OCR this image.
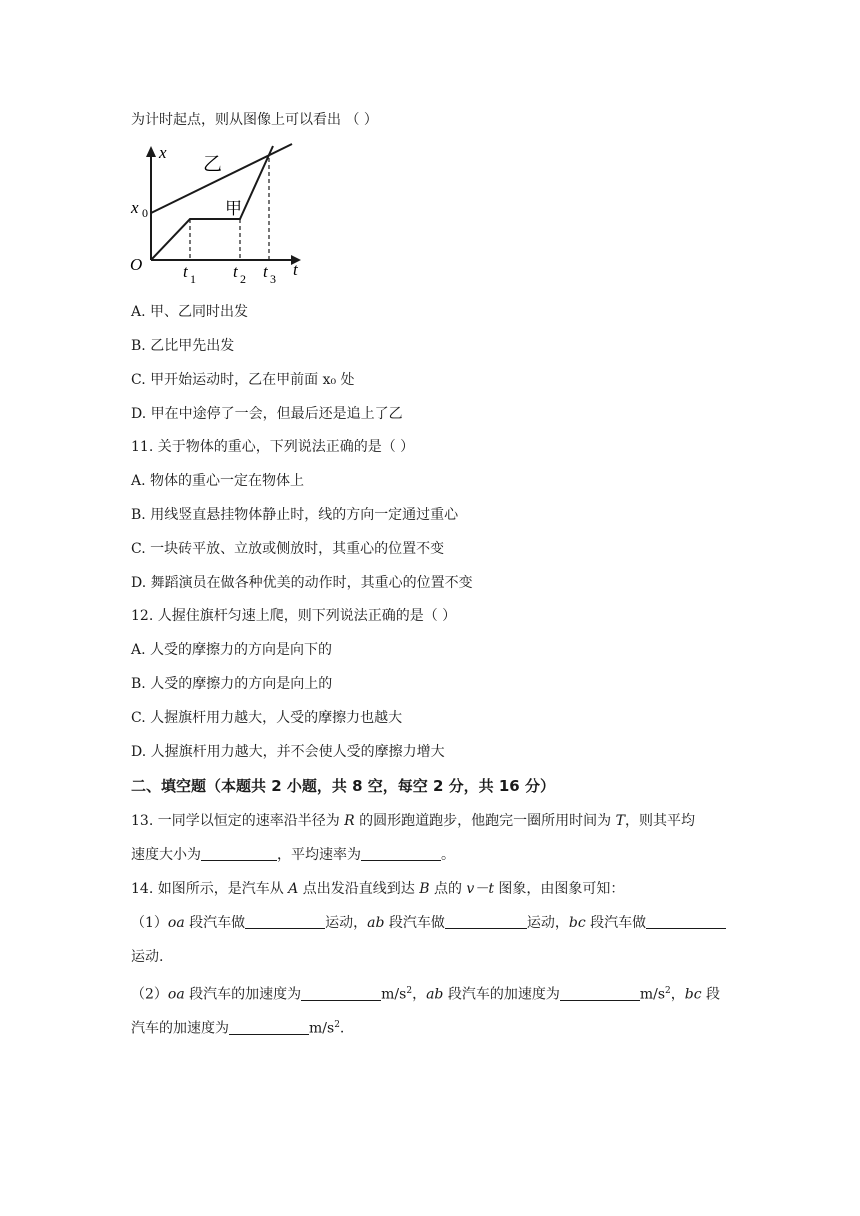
为计时起点，则从图像上可以看出 （ ）
x
t
O
x 0
t 1 t 2 t 3
乙
甲
A. 甲、乙同时出发
B. 乙比甲先出发
C. 甲开始运动时，乙在甲前面 x₀ 处
D. 甲在中途停了一会，但最后还是追上了乙
11. 关于物体的重心，下列说法正确的是（ ）
A. 物体的重心一定在物体上
B. 用线竖直悬挂物体静止时，线的方向一定通过重心
C. 一块砖平放、立放或侧放时，其重心的位置不变
D. 舞蹈演员在做各种优美的动作时，其重心的位置不变
12. 人握住旗杆匀速上爬，则下列说法正确的是（ ）
A. 人受的摩擦力的方向是向下的
B. 人受的摩擦力的方向是向上的
C. 人握旗杆用力越大，人受的摩擦力也越大
D. 人握旗杆用力越大，并不会使人受的摩擦力增大
二、填空题（本题共 2 小题，共 8 空，每空 2 分，共 16 分）
13. 一同学以恒定的速率沿半径为 R 的圆形跑道跑步，他跑完一圈所用时间为 T，则其平均
速度大小为	，平均速率为	。
14. 如图所示，是汽车从 A 点出发沿直线到达 B 点的 v－t 图象，由图象可知：
（1）oa 段汽车做	运动，ab 段汽车做	运动，bc 段汽车做
运动.
（2）oa 段汽车的加速度为	$m/s^2$，ab 段汽车的加速度为	$m/s^2$，bc 段
汽车的加速度为	$m/s^2$.
